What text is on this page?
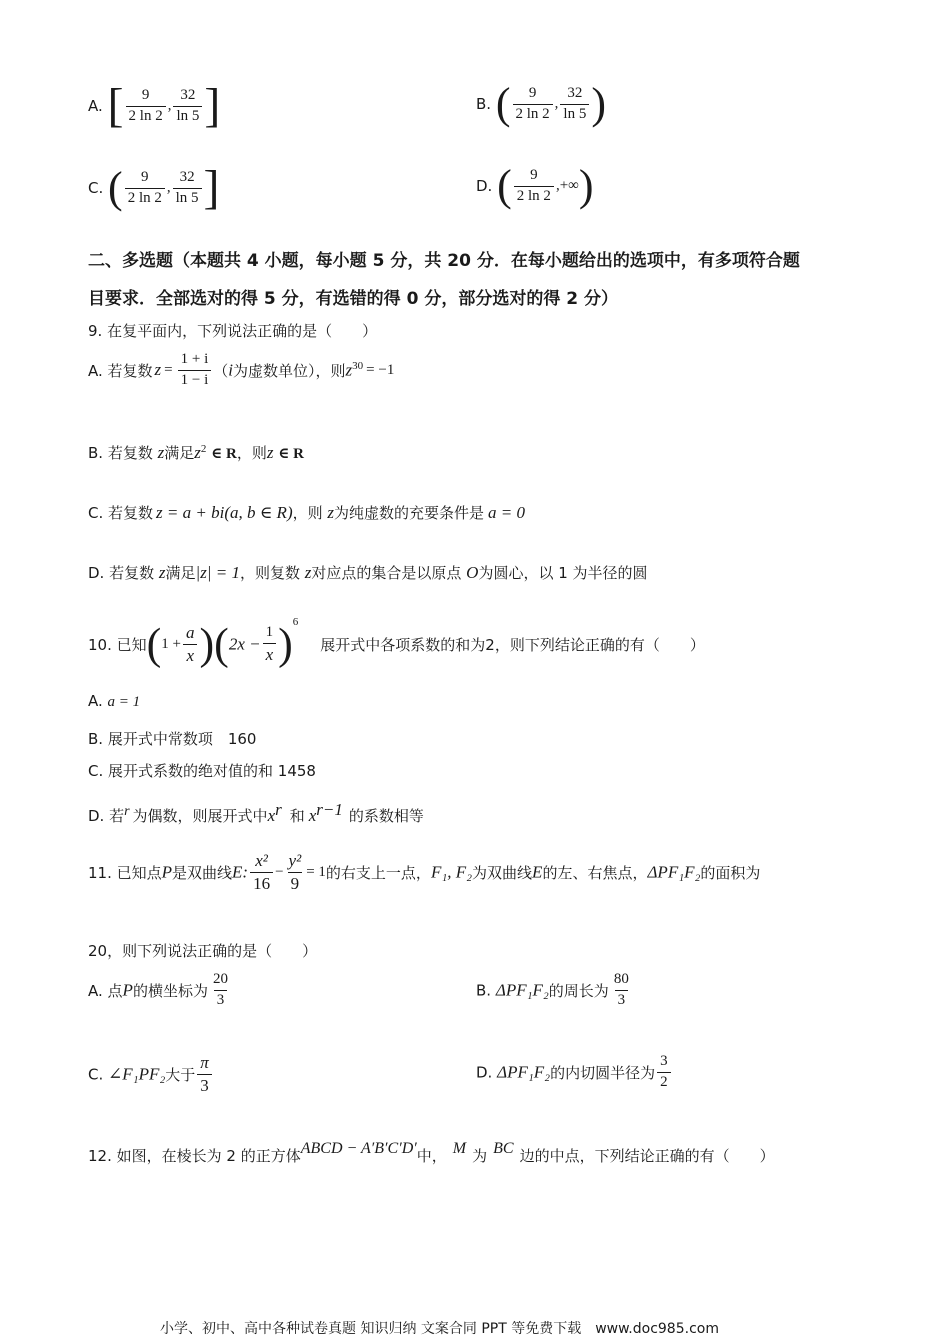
A. [ $\frac{9}{2 \ln 2}$ , $\frac{32}{\ln 5}$ ]	B. ( $\frac{9}{2 \ln 2}$ , $\frac{32}{\ln 5}$ )
C. ( $\frac{9}{2 \ln 2}$ , $\frac{32}{\ln 5}$ ]	D. ( $\frac{9}{2 \ln 2}$ ,+∞)
二、多选题（本题共 4 小题，每小题 5 分，共 20 分．在每小题给出的选项中，有多项符合题
目要求．全部选对的得 5 分，有选错的得 0 分，部分选对的得 2 分）
9. 在复平面内，下列说法正确的是（　　）
A. 若复数 $z = \frac{1 + i}{1 - i} (i$为虚数单位），则$z^{30} = -1$
B. 若复数 z满足$z^2$ ∈ R，则z ∈ R
C. 若复数 z = a + bi(a, b ∈ R)，则 z为纯虚数的充要条件是 a = 0
D. 若复数 z满足|z| = 1，则复数 z对应点的集合是以原点 O为圆心，以 1 为半径的圆
10. 已知$(1 + \frac{a}{x} )(2x - \frac{1}{x} )^6$展开式中各项系数的和为2，则下列结论正确的有（　　）
A. a = 1
B. 展开式中常数项　160
C. 展开式系数的绝对值的和 1458
D. 若$^r$ 为偶数，则展开式中$x^r$ 和 $x^{r-1}$ 的系数相等
11. 已知点P是双曲线E: $\frac{\text{x²}}{16} - \frac{\text{y²}}{9} = 1$的右支上一点，F₁, F₂为双曲线E的左、右焦点，ΔPF₁F₂的面积为
20，则下列说法正确的是（　　）
A. 点P的横坐标为 $\frac{20}{3}$	B. ΔPF₁F₂的周长为 $\frac{80}{3}$
C. ∠F₁PF₂大于 $\frac{\pi}{3}$	D. ΔPF₁F₂的内切圆半径为 $\frac{3}{2}$
12. 如图，在棱长为 2 的正方体$^{ABCD - A'B'C'D'}$中， $^M$ 为 $^{BC}$ 边的中点，下列结论正确的有（　　）
小学、初中、高中各种试卷真题 知识归纳 文案合同 PPT 等免费下载　www.doc985.com
